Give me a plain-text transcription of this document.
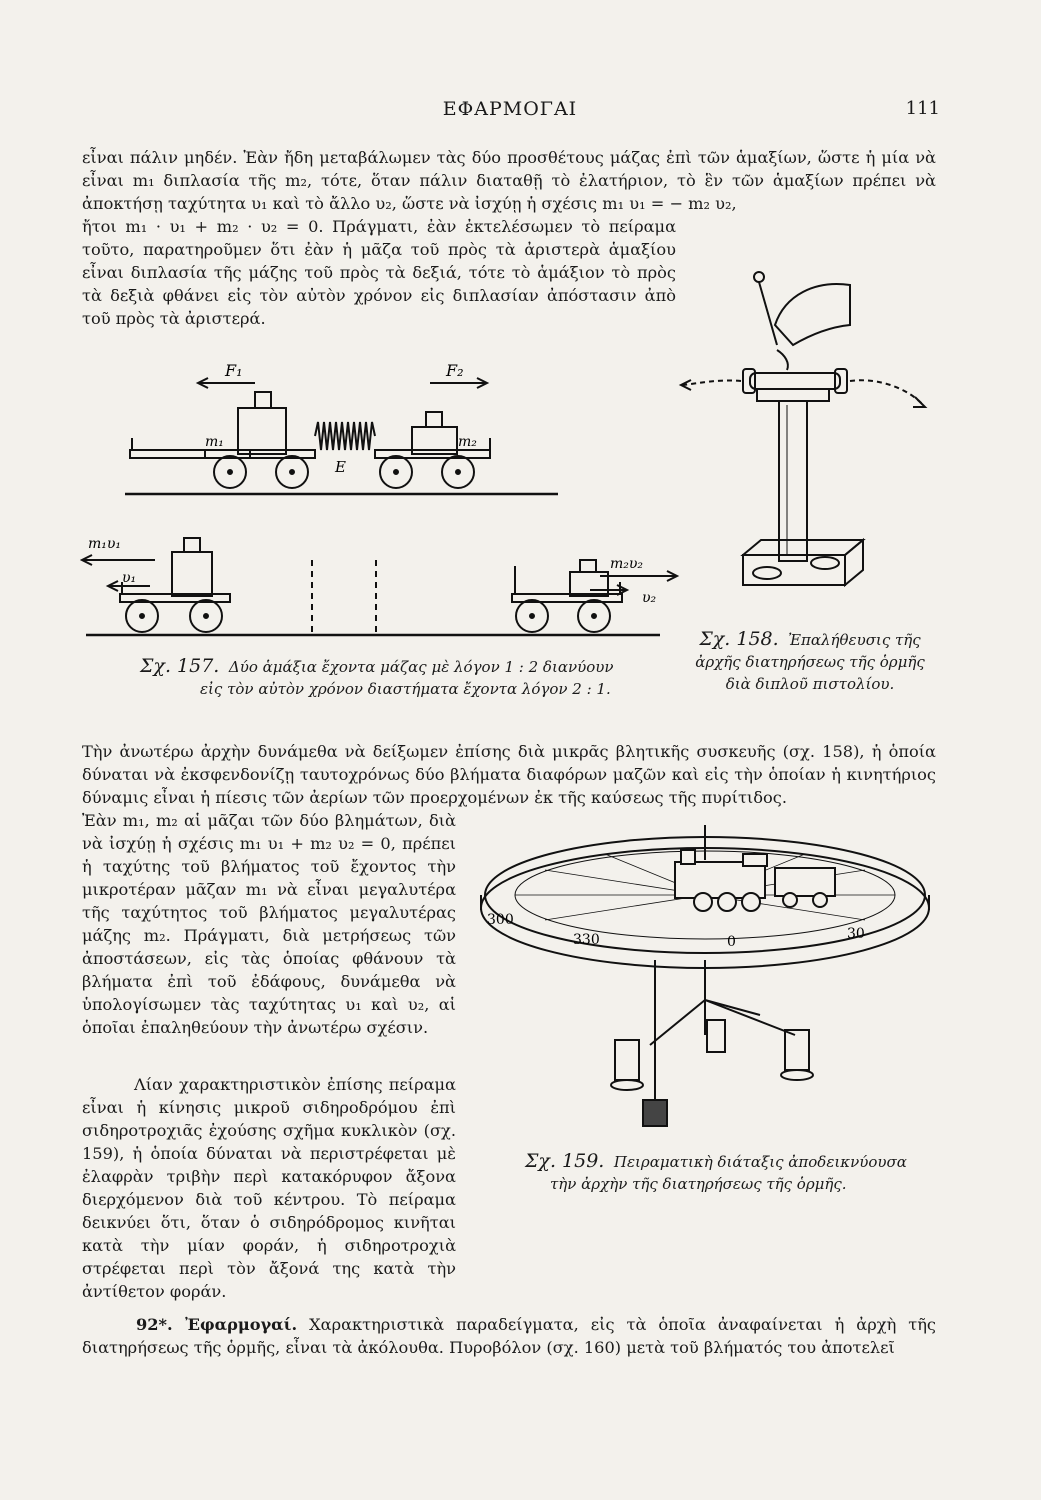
ΕΦΑΡΜΟΓΑΙ	111

εἶναι πάλιν μηδέν. Ἐὰν ἤδη μεταβάλωμεν τὰς δύο προσθέτους μάζας ἐπὶ τῶν ἁμαξίων, ὥστε ἡ μία νὰ εἶναι m₁ διπλασία τῆς m₂, τότε, ὅταν πάλιν διαταθῇ τὸ ἐλατήριον, τὸ ἓν τῶν ἁμαξίων πρέπει νὰ ἀποκτήσῃ ταχύτητα υ₁ καὶ τὸ ἄλλο υ₂, ὥστε νὰ ἰσχύῃ ἡ σχέσις m₁ υ₁ = − m₂ υ₂,

ἤτοι m₁ · υ₁ + m₂ · υ₂ = 0. Πράγματι, ἐὰν ἐκτελέσωμεν τὸ πείραμα τοῦτο, παρατηροῦμεν ὅτι ἐὰν ἡ μᾶζα τοῦ πρὸς τὰ ἀριστερὰ ἁμαξίου εἶναι διπλασία τῆς μάζης τοῦ πρὸς τὰ δεξιά, τότε τὸ ἁμάξιον τὸ πρὸς τὰ δεξιὰ φθάνει εἰς τὸν αὐτὸν χρόνον εἰς διπλασίαν ἀπόστασιν ἀπὸ τοῦ πρὸς τὰ ἀριστερά.

F₁	F₂
m₁	m₂
E
m₁υ₁
υ₁
m₂υ₂
υ₂
Σχ. 157. Δύο ἁμάξια ἔχοντα μάζας μὲ λόγον 1 : 2 διανύουν
εἰς τὸν αὐτὸν χρόνον διαστήματα ἔχοντα λόγον 2 : 1.
Σχ. 158. Ἐπαλήθευσις τῆς
ἀρχῆς διατηρήσεως τῆς ὁρμῆς
διὰ διπλοῦ πιστολίου.

Τὴν ἀνωτέρω ἀρχὴν δυνάμεθα νὰ δείξωμεν ἐπίσης διὰ μικρᾶς βλητικῆς συσκευῆς (σχ. 158), ἡ ὁποία δύναται νὰ ἐκσφενδονίζῃ ταυτοχρόνως δύο βλήματα διαφόρων μαζῶν καὶ εἰς τὴν ὁποίαν ἡ κινητήριος δύναμις εἶναι ἡ πίεσις τῶν ἀερίων τῶν προερχομένων ἐκ τῆς καύσεως τῆς πυρίτιδος.

Ἐὰν m₁, m₂ αἱ μᾶζαι τῶν δύο βλημάτων, διὰ νὰ ἰσχύῃ ἡ σχέσις m₁ υ₁ + m₂ υ₂ = 0, πρέπει ἡ ταχύτης τοῦ βλήματος τοῦ ἔχοντος τὴν μικροτέραν μᾶζαν m₁ νὰ εἶναι μεγαλυτέρα τῆς ταχύτητος τοῦ βλήματος μεγαλυτέρας μάζης m₂. Πράγματι, διὰ μετρήσεως τῶν ἀποστάσεων, εἰς τὰς ὁποίας φθάνουν τὰ βλήματα ἐπὶ τοῦ ἐδάφους, δυνάμεθα νὰ ὑπολογίσωμεν τὰς ταχύτητας υ₁ καὶ υ₂, αἱ ὁποῖαι ἐπαληθεύουν τὴν ἀνωτέρω σχέσιν.

Λίαν χαρακτηριστικὸν ἐπίσης πείραμα εἶναι ἡ κίνησις μικροῦ σιδηροδρόμου ἐπὶ σιδηροτροχιᾶς ἐχούσης σχῆμα κυκλικὸν (σχ. 159), ἡ ὁποία δύναται νὰ περιστρέφεται μὲ ἐλαφρὰν τριβὴν περὶ κατακόρυφον ἄξονα διερχόμενον διὰ τοῦ κέντρου. Τὸ πείραμα δεικνύει ὅτι, ὅταν ὁ σιδηρόδρομος κινῆται κατὰ τὴν μίαν φοράν, ἡ σιδηροτροχιὰ στρέφεται περὶ τὸν ἄξονά της κατὰ τὴν ἀντίθετον φοράν.

300
330	0	30
Σχ. 159. Πειραματικὴ διάταξις ἀποδεικνύουσα
τὴν ἀρχὴν τῆς διατηρήσεως τῆς ὁρμῆς.

92*. Ἐφαρμογαί. Χαρακτηριστικὰ παραδείγματα, εἰς τὰ ὁποῖα ἀναφαίνεται ἡ ἀρχὴ τῆς διατηρήσεως τῆς ὁρμῆς, εἶναι τὰ ἀκόλουθα. Πυροβόλον (σχ. 160) μετὰ τοῦ βλήματός του ἀποτελεῖ
